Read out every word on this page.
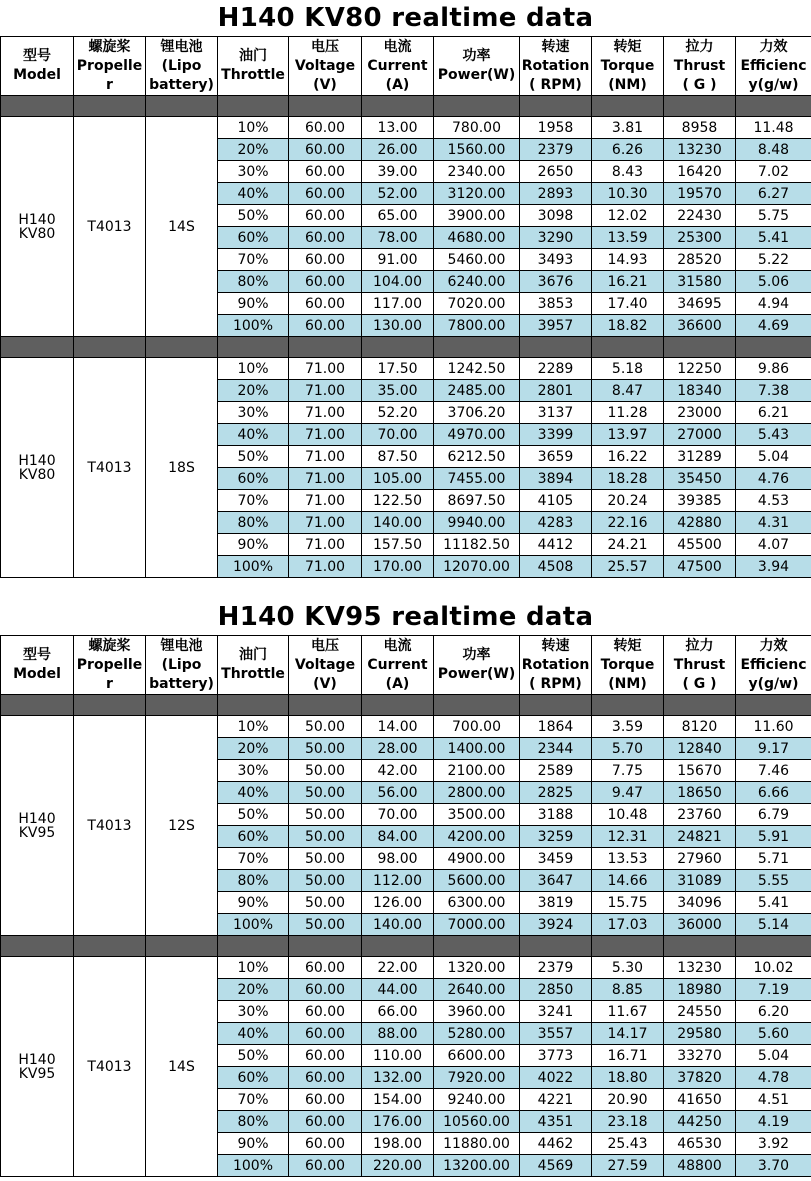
H140 KV80 realtime data
型号
Model	螺旋桨
Propelle
r	锂电池
(Lipo
battery)	油门
Throttle	电压
Voltage
(V)	电流
Current
(A)	功率
Power(W)	转速
Rotation
( RPM)	转矩
Torque
(NM)	拉力
Thrust
( G )	力效
Efficienc
y(g/w)

H140
KV80	T4013	14S	10%	60.00	13.00	780.00	1958	3.81	8958	11.48
			20%	60.00	26.00	1560.00	2379	6.26	13230	8.48
			30%	60.00	39.00	2340.00	2650	8.43	16420	7.02
			40%	60.00	52.00	3120.00	2893	10.30	19570	6.27
			50%	60.00	65.00	3900.00	3098	12.02	22430	5.75
			60%	60.00	78.00	4680.00	3290	13.59	25300	5.41
			70%	60.00	91.00	5460.00	3493	14.93	28520	5.22
			80%	60.00	104.00	6240.00	3676	16.21	31580	5.06
			90%	60.00	117.00	7020.00	3853	17.40	34695	4.94
			100%	60.00	130.00	7800.00	3957	18.82	36600	4.69

H140
KV80	T4013	18S	10%	71.00	17.50	1242.50	2289	5.18	12250	9.86
			20%	71.00	35.00	2485.00	2801	8.47	18340	7.38
			30%	71.00	52.20	3706.20	3137	11.28	23000	6.21
			40%	71.00	70.00	4970.00	3399	13.97	27000	5.43
			50%	71.00	87.50	6212.50	3659	16.22	31289	5.04
			60%	71.00	105.00	7455.00	3894	18.28	35450	4.76
			70%	71.00	122.50	8697.50	4105	20.24	39385	4.53
			80%	71.00	140.00	9940.00	4283	22.16	42880	4.31
			90%	71.00	157.50	11182.50	4412	24.21	45500	4.07
			100%	71.00	170.00	12070.00	4508	25.57	47500	3.94
H140 KV95 realtime data
型号
Model	螺旋桨
Propelle
r	锂电池
(Lipo
battery)	油门
Throttle	电压
Voltage
(V)	电流
Current
(A)	功率
Power(W)	转速
Rotation
( RPM)	转矩
Torque
(NM)	拉力
Thrust
( G )	力效
Efficienc
y(g/w)

H140
KV95	T4013	12S	10%	50.00	14.00	700.00	1864	3.59	8120	11.60
			20%	50.00	28.00	1400.00	2344	5.70	12840	9.17
			30%	50.00	42.00	2100.00	2589	7.75	15670	7.46
			40%	50.00	56.00	2800.00	2825	9.47	18650	6.66
			50%	50.00	70.00	3500.00	3188	10.48	23760	6.79
			60%	50.00	84.00	4200.00	3259	12.31	24821	5.91
			70%	50.00	98.00	4900.00	3459	13.53	27960	5.71
			80%	50.00	112.00	5600.00	3647	14.66	31089	5.55
			90%	50.00	126.00	6300.00	3819	15.75	34096	5.41
			100%	50.00	140.00	7000.00	3924	17.03	36000	5.14

H140
KV95	T4013	14S	10%	60.00	22.00	1320.00	2379	5.30	13230	10.02
			20%	60.00	44.00	2640.00	2850	8.85	18980	7.19
			30%	60.00	66.00	3960.00	3241	11.67	24550	6.20
			40%	60.00	88.00	5280.00	3557	14.17	29580	5.60
			50%	60.00	110.00	6600.00	3773	16.71	33270	5.04
			60%	60.00	132.00	7920.00	4022	18.80	37820	4.78
			70%	60.00	154.00	9240.00	4221	20.90	41650	4.51
			80%	60.00	176.00	10560.00	4351	23.18	44250	4.19
			90%	60.00	198.00	11880.00	4462	25.43	46530	3.92
			100%	60.00	220.00	13200.00	4569	27.59	48800	3.70
